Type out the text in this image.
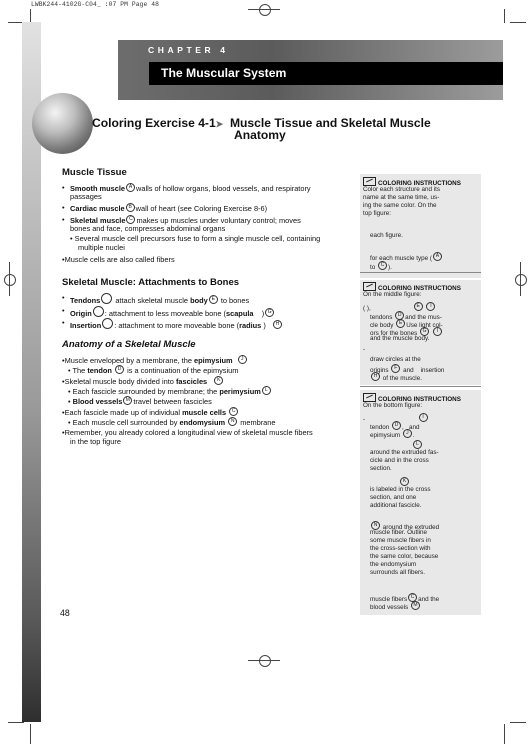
LWBK244-4102G-C04_ :07 PM Page 48
CHAPTER 4
The Muscular System
Coloring Exercise 4-1➤ Muscle Tissue and Skeletal Muscle
Anatomy
Muscle Tissue
• Smooth muscle A walls of hollow organs, blood vessels, and respiratory
passages
• Cardiac muscle B wall of heart (see Coloring Exercise 8-6)
• Skeletal muscle C makes up muscles under voluntary control; moves
bones and face, compresses abdominal organs
• Several muscle cell precursors fuse to form a single muscle cell, containing
multiple nuclei
•Muscle cells are also called fibers
Skeletal Muscle: Attachments to Bones
• Tendons attach skeletal muscle body E to bones
• Origin : attachment to less moveable bone (scapula    ) G
• Insertion : attachment to more moveable bone (radius )   H
Anatomy of a Skeletal Muscle
•Muscle enveloped by a membrane, the epimysium J
• The tendon D is a continuation of the epimysium
•Skeletal muscle body divided into fascicles K
• Each fascicle surrounded by membrane; the perimysium L
• Blood vessels M travel between fascicles
•Each fascicle made up of individual muscle cells C
• Each muscle cell surrounded by endomysium N membrane
•Remember, you already colored a longitudinal view of skeletal muscle fibers
in the top figure
COLORING INSTRUCTIONS
Color each structure and its
name at the same time, us-
ing the same color. On the
top figure:
each figure.
for each muscle type ( A
to C ).
COLORING INSTRUCTIONS
On the middle figure:
( ),	E I
tendons D and the mus-
cle body E Use light col-
ors for the bones G I
and the muscle body.
-
draw circles at the
origins F and insertion
H of the muscle.
COLORING INSTRUCTIONS
On the bottom figure:
-	I
tendon D ,   and
epimysium J .
L
around the extruded fas-
cicle and in the cross
section.
K
is labeled in the cross
section, and one
additional fascicle.
N around the extruded
muscle fiber. Outline
some muscle fibers in
the cross-section with
the same color, because
the endomysium
surrounds all fibers.
muscle fibers C and the
blood vessels M
48
